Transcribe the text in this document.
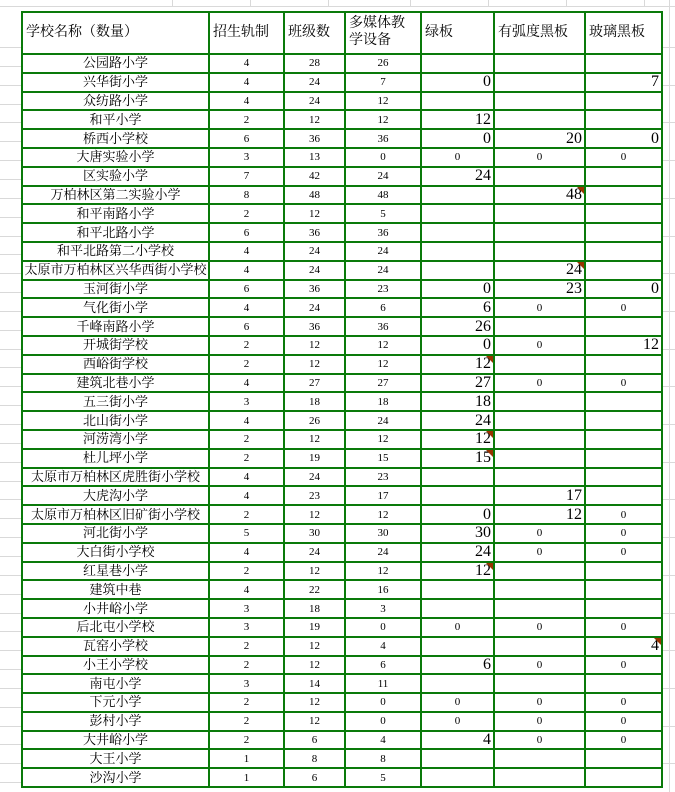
学校名称（数量）	招生轨制	班级数	多媒体教学设备	绿板	有弧度黑板	玻璃黑板
公园路小学	4	28	26			
兴华街小学	4	24	7	0		7
众纺路小学	4	24	12			
和平小学	2	12	12	12		
桥西小学校	6	36	36	0	20	0
大唐实验小学	3	13	0	0	0	0
区实验小学	7	42	24	24		
万柏林区第二实验小学	8	48	48		48

和平南路小学	2	12	5			
和平北路小学	6	36	36			
和平北路第二小学校	4	24	24			
太原市万柏林区兴华西街小学校	4	24	24		24

玉河街小学	6	36	23	0	23	0
气化街小学	4	24	6	6	0	0
千峰南路小学	6	36	36	26		
开城街学校	2	12	12	0	0	12
西峪街学校	2	12	12	12

建筑北巷小学	4	27	27	27	0	0
五三街小学	3	18	18	18		
北山街小学	4	26	24	24		
河涝湾小学	2	12	12	12

杜儿坪小学	2	19	15	15

太原市万柏林区虎胜街小学校	4	24	23			
大虎沟小学	4	23	17		17	
太原市万柏林区旧矿街小学校	2	12	12	0	12	0
河北街小学	5	30	30	30	0	0
大白街小学校	4	24	24	24	0	0
红星巷小学	2	12	12	12

建筑中巷	4	22	16			
小井峪小学	3	18	3			
后北屯小学校	3	19	0	0	0	0
瓦窑小学校	2	12	4			4

小王小学校	2	12	6	6	0	0
南屯小学	3	14	11			
下元小学	2	12	0	0	0	0
彭村小学	2	12	0	0	0	0
大井峪小学	2	6	4	4	0	0
大王小学	1	8	8			
沙沟小学	1	6	5			
